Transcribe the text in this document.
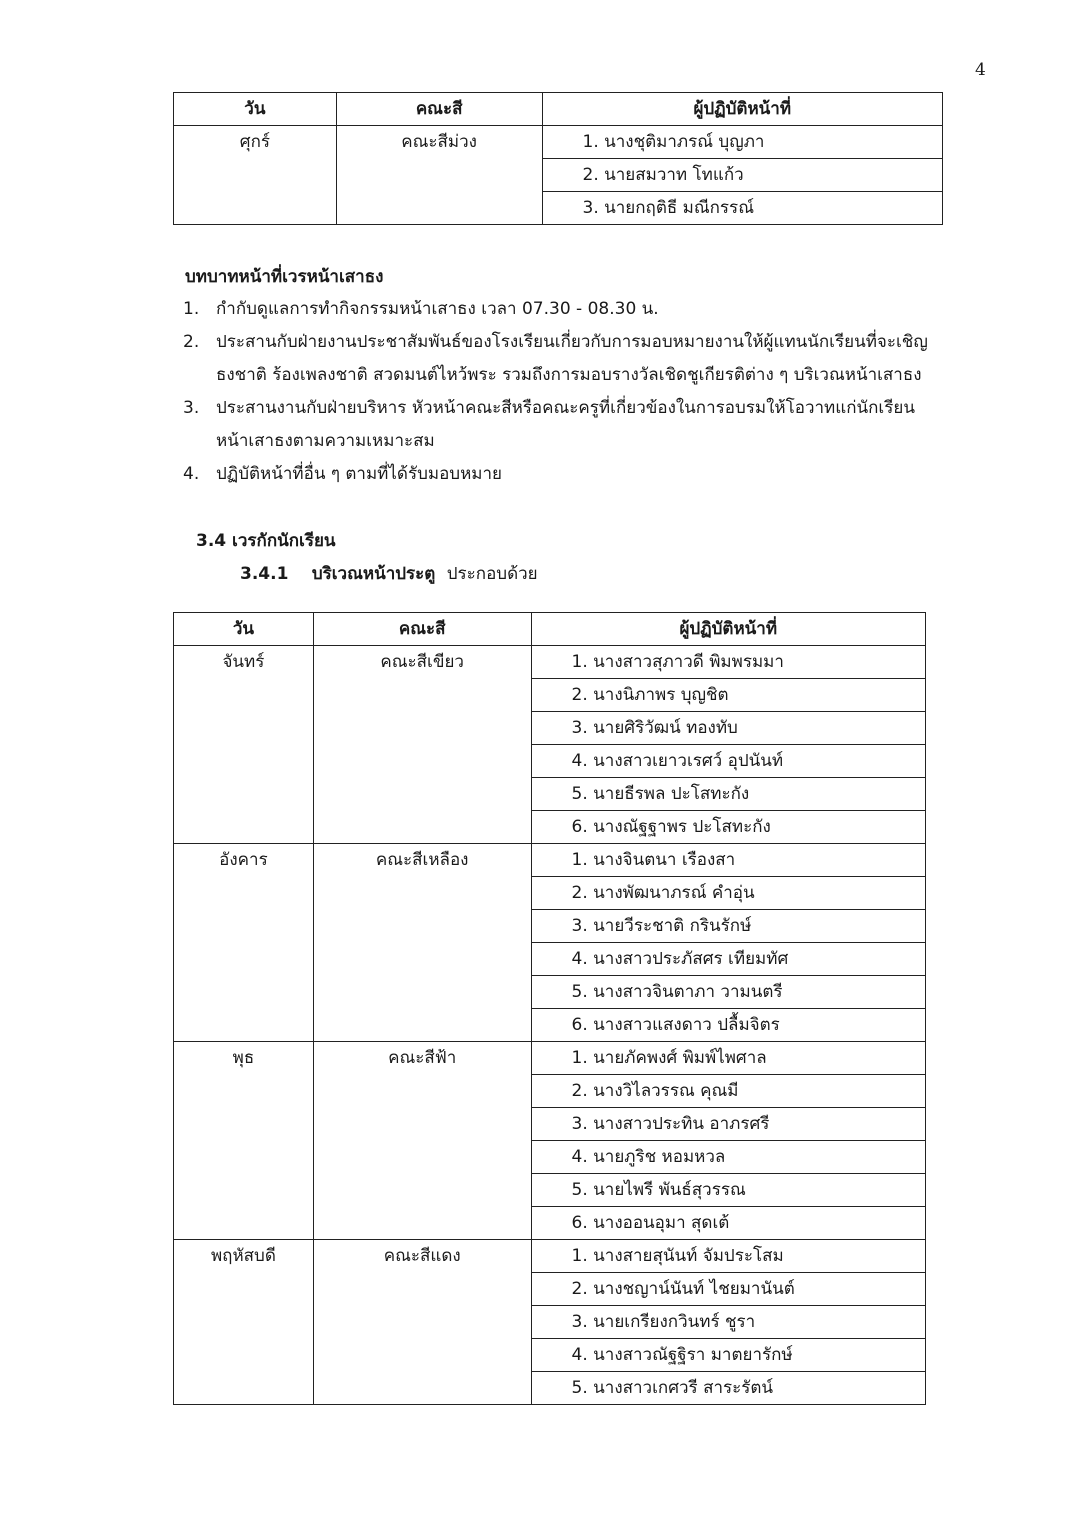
4
วัน	คณะสี	ผู้ปฏิบัติหน้าที่
ศุกร์	คณะสีม่วง	1. นางชุติมาภรณ์ บุญภา
		2. นายสมวาท โทแก้ว
		3. นายกฤติธี มณีกรรณ์
บทบาทหน้าที่เวรหน้าเสาธง
1. กำกับดูแลการทำกิจกรรมหน้าเสาธง เวลา 07.30 - 08.30 น.
2. ประสานกับฝ่ายงานประชาสัมพันธ์ของโรงเรียนเกี่ยวกับการมอบหมายงานให้ผู้แทนนักเรียนที่จะเชิญ
ธงชาติ ร้องเพลงชาติ สวดมนต์ไหว้พระ รวมถึงการมอบรางวัลเชิดชูเกียรติต่าง ๆ บริเวณหน้าเสาธง
3. ประสานงานกับฝ่ายบริหาร หัวหน้าคณะสีหรือคณะครูที่เกี่ยวข้องในการอบรมให้โอวาทแก่นักเรียน
หน้าเสาธงตามความเหมาะสม
4. ปฏิบัติหน้าที่อื่น ๆ ตามที่ได้รับมอบหมาย
3.4 เวรกักนักเรียน
3.4.1 บริเวณหน้าประตู ประกอบด้วย
วัน	คณะสี	ผู้ปฏิบัติหน้าที่
จันทร์	คณะสีเขียว	1. นางสาวสุภาวดี พิมพรมมา
		2. นางนิภาพร บุญชิต
		3. นายศิริวัฒน์ ทองทับ
		4. นางสาวเยาวเรศว์ อุปนันท์
		5. นายธีรพล ปะโสทะกัง
		6. นางณัฐฐาพร ปะโสทะกัง
อังคาร	คณะสีเหลือง	1. นางจินตนา เรืองสา
		2. นางพัฒนาภรณ์ คำอุ่น
		3. นายวีระชาติ กรินรักษ์
		4. นางสาวประภัสศร เทียมทัศ
		5. นางสาวจินตาภา วามนตรี
		6. นางสาวแสงดาว ปลื้มจิตร
พุธ	คณะสีฟ้า	1. นายภัคพงศ์ พิมพ์ไพศาล
		2. นางวิไลวรรณ คุณมี
		3. นางสาวประทิน อาภรศรี
		4. นายภูริช หอมหวล
		5. นายไพรี พันธ์สุวรรณ
		6. นางออนอุมา สุดเต้
พฤหัสบดี	คณะสีแดง	1. นางสายสุนันท์ จัมประโสม
		2. นางชญาน์นันท์ ไชยมานันต์
		3. นายเกรียงกวินทร์ ชูรา
		4. นางสาวณัฐฐิรา มาตยารักษ์
		5. นางสาวเกศวรี สาระรัตน์
